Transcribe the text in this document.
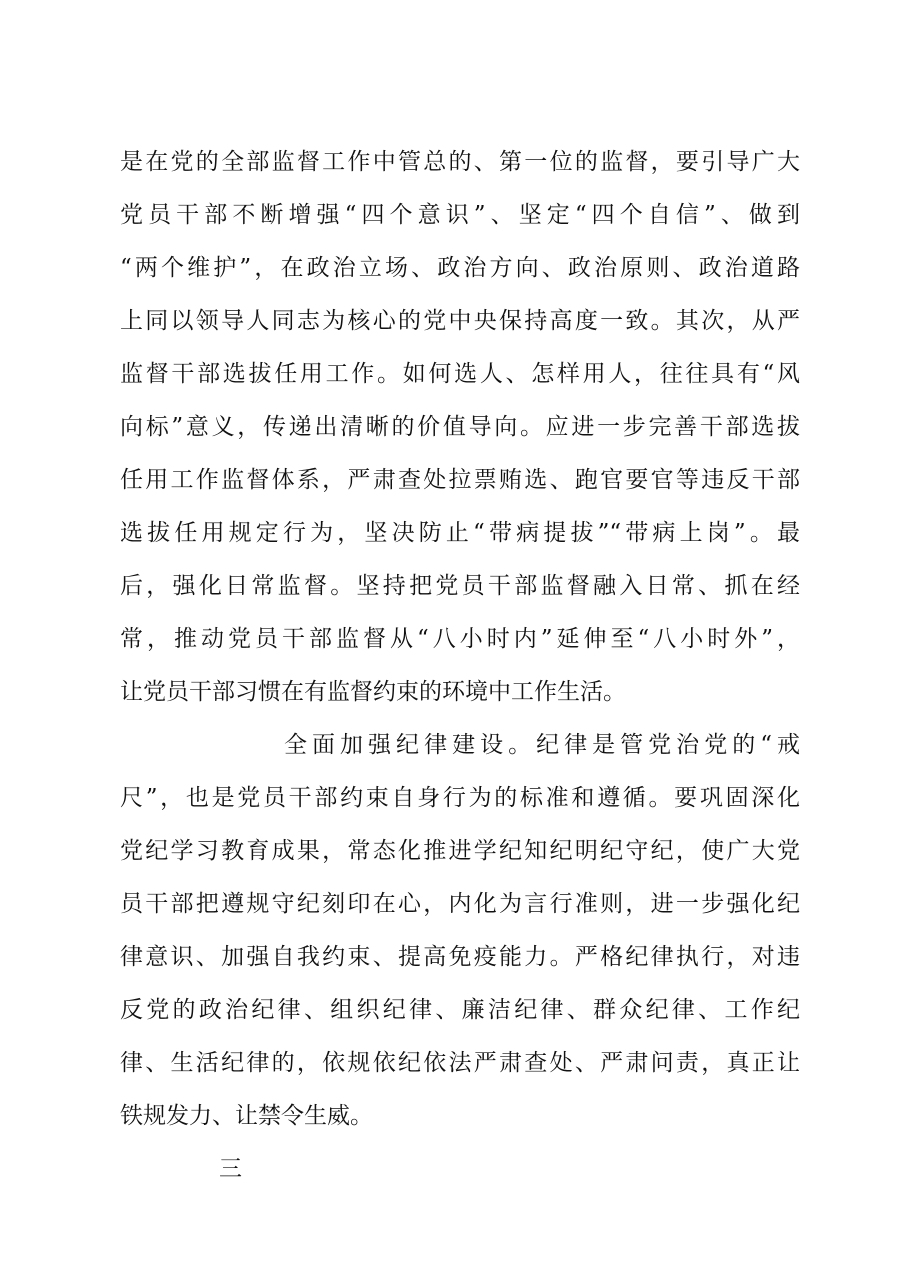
是在党的全部监督工作中管总的、第一位的监督，要引导广大
党员干部不断增强“四个意识”、坚定“四个自信”、做到
“两个维护”，在政治立场、政治方向、政治原则、政治道路
上同以领导人同志为核心的党中央保持高度一致。其次，从严
监督干部选拔任用工作。如何选人、怎样用人，往往具有“风
向标”意义，传递出清晰的价值导向。应进一步完善干部选拔
任用工作监督体系，严肃查处拉票贿选、跑官要官等违反干部
选拔任用规定行为，坚决防止“带病提拔”“带病上岗”。最
后，强化日常监督。坚持把党员干部监督融入日常、抓在经
常，推动党员干部监督从“八小时内”延伸至“八小时外”，
让党员干部习惯在有监督约束的环境中工作生活。
全面加强纪律建设。纪律是管党治党的“戒
尺”，也是党员干部约束自身行为的标准和遵循。要巩固深化
党纪学习教育成果，常态化推进学纪知纪明纪守纪，使广大党
员干部把遵规守纪刻印在心，内化为言行准则，进一步强化纪
律意识、加强自我约束、提高免疫能力。严格纪律执行，对违
反党的政治纪律、组织纪律、廉洁纪律、群众纪律、工作纪
律、生活纪律的，依规依纪依法严肃查处、严肃问责，真正让
铁规发力、让禁令生威。
三
